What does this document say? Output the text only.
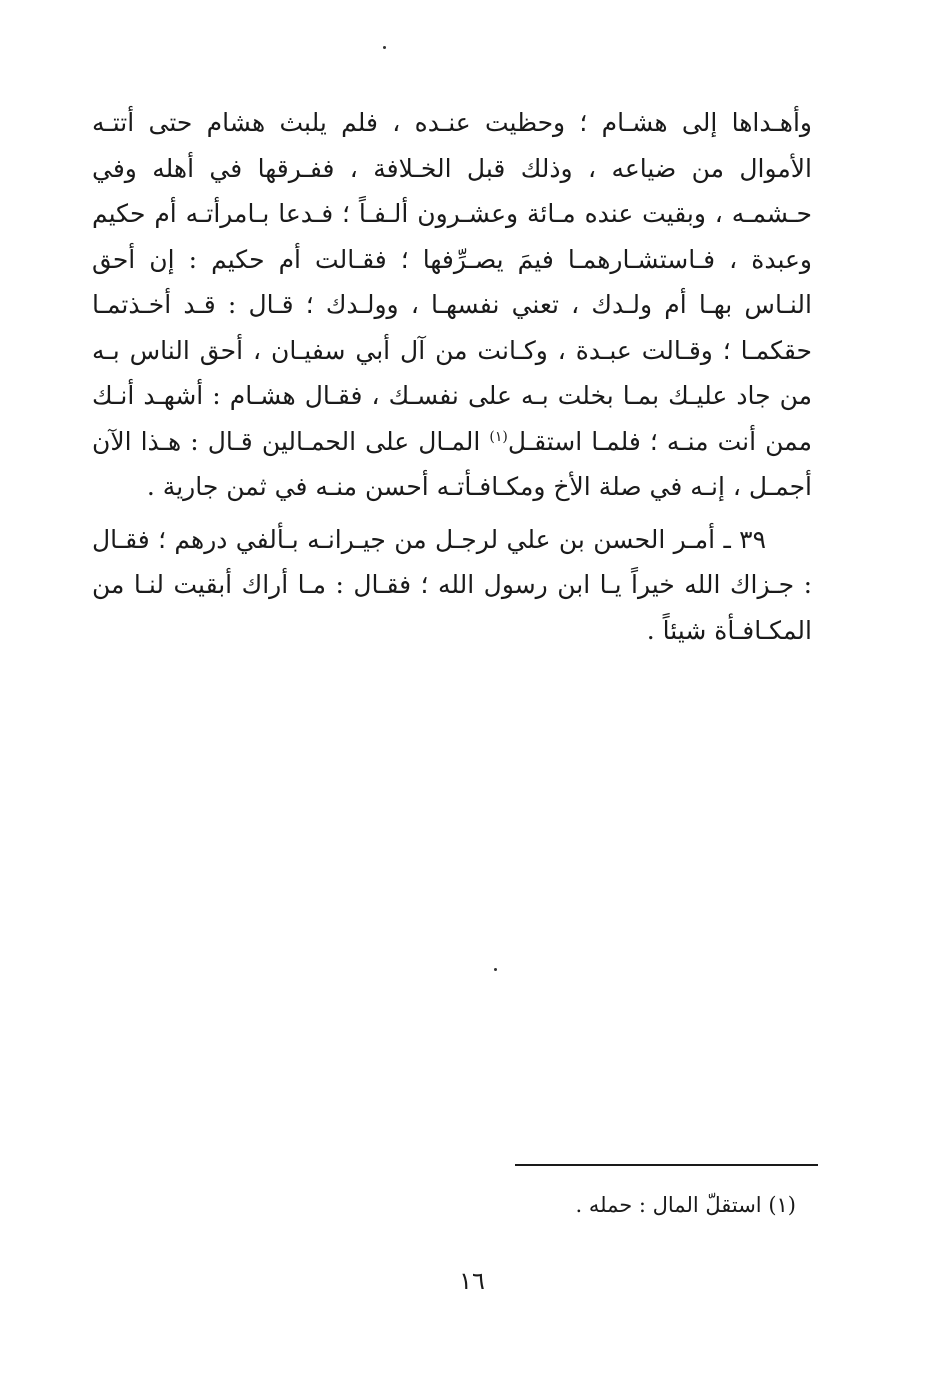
وأهـداها إلى هشـام ؛ وحظيت عنـده ، فلم يلبث هشام حتى أتتـه الأموال من ضياعه ، وذلك قبل الخـلافة ، ففـرقها في أهله وفي حـشمـه ، وبقيت عنده مـائة وعشـرون ألـفـاً ؛ فـدعا بـامرأتـه أم حكيم وعبدة ، فـاستشـارهمـا فيمَ يصـرِّفها ؛ فقـالت أم حكيم : إن أحق النـاس بهـا أم ولـدك ، تعني نفسهـا ، وولـدك ؛ قـال : قـد أخـذتمـا حقكمـا ؛ وقـالت عبـدة ، وكـانت من آل أبي سفيـان ، أحق الناس بـه من جاد عليـك بمـا بخلت بـه على نفسـك ، فقـال هشـام : أشهـد أنـك ممن أنت منـه ؛ فلمـا استقـل$^{(١)}$ المـال على الحمـالين قـال : هـذا الآن أجمـل ، إنـه في صلة الأخ ومكـافـأتـه أحسن منـه في ثمن جارية .

٣٩ ـ أمـر الحسن بن علي لرجـل من جيـرانـه بـألفي درهم ؛ فقـال : جـزاك الله خيراً يـا ابن رسول الله ؛ فقـال : مـا أراك أبقيت لنـا من المكـافـأة شيئاً .

(١) استقلّ المال : حمله .
١٦
